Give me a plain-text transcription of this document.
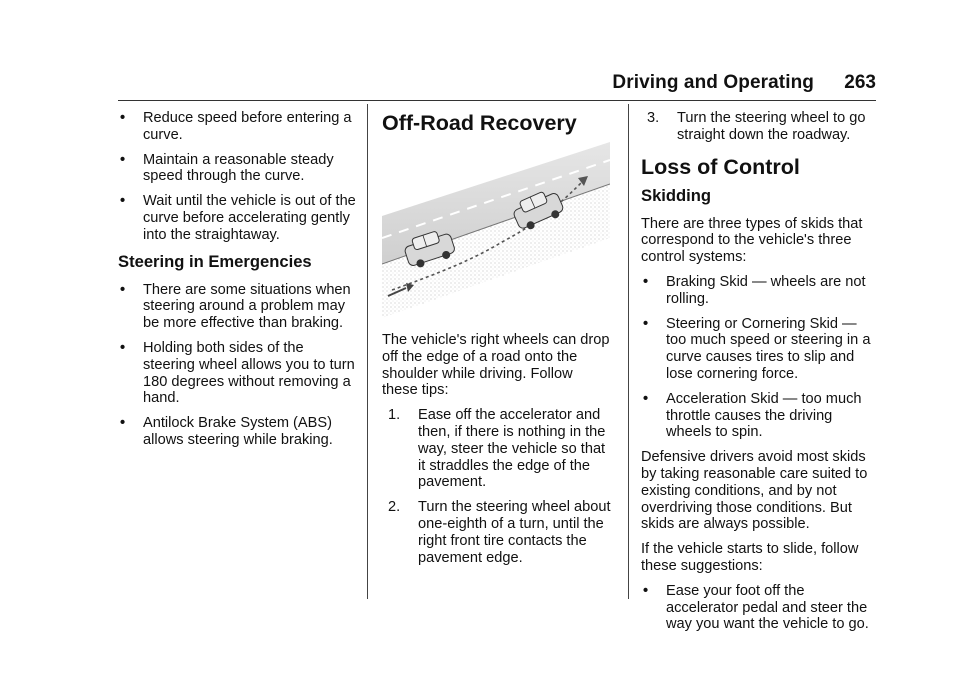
Driving and Operating 263
• Reduce speed before entering a curve.
• Maintain a reasonable steady speed through the curve.
• Wait until the vehicle is out of the curve before accelerating gently into the straightaway.
Steering in Emergencies
• There are some situations when steering around a problem may be more effective than braking.
• Holding both sides of the steering wheel allows you to turn 180 degrees without removing a hand.
• Antilock Brake System (ABS) allows steering while braking.
Off-Road Recovery

The vehicle's right wheels can drop off the edge of a road onto the shoulder while driving. Follow these tips:

1. Ease off the accelerator and then, if there is nothing in the way, steer the vehicle so that it straddles the edge of the pavement.
2. Turn the steering wheel about one-eighth of a turn, until the right front tire contacts the pavement edge.
3. Turn the steering wheel to go straight down the roadway.
Loss of Control
Skidding

There are three types of skids that correspond to the vehicle's three control systems:

• Braking Skid — wheels are not rolling.
• Steering or Cornering Skid — too much speed or steering in a curve causes tires to slip and lose cornering force.
• Acceleration Skid — too much throttle causes the driving wheels to spin.

Defensive drivers avoid most skids by taking reasonable care suited to existing conditions, and by not overdriving those conditions. But skids are always possible.

If the vehicle starts to slide, follow these suggestions:

• Ease your foot off the accelerator pedal and steer the way you want the vehicle to go.
